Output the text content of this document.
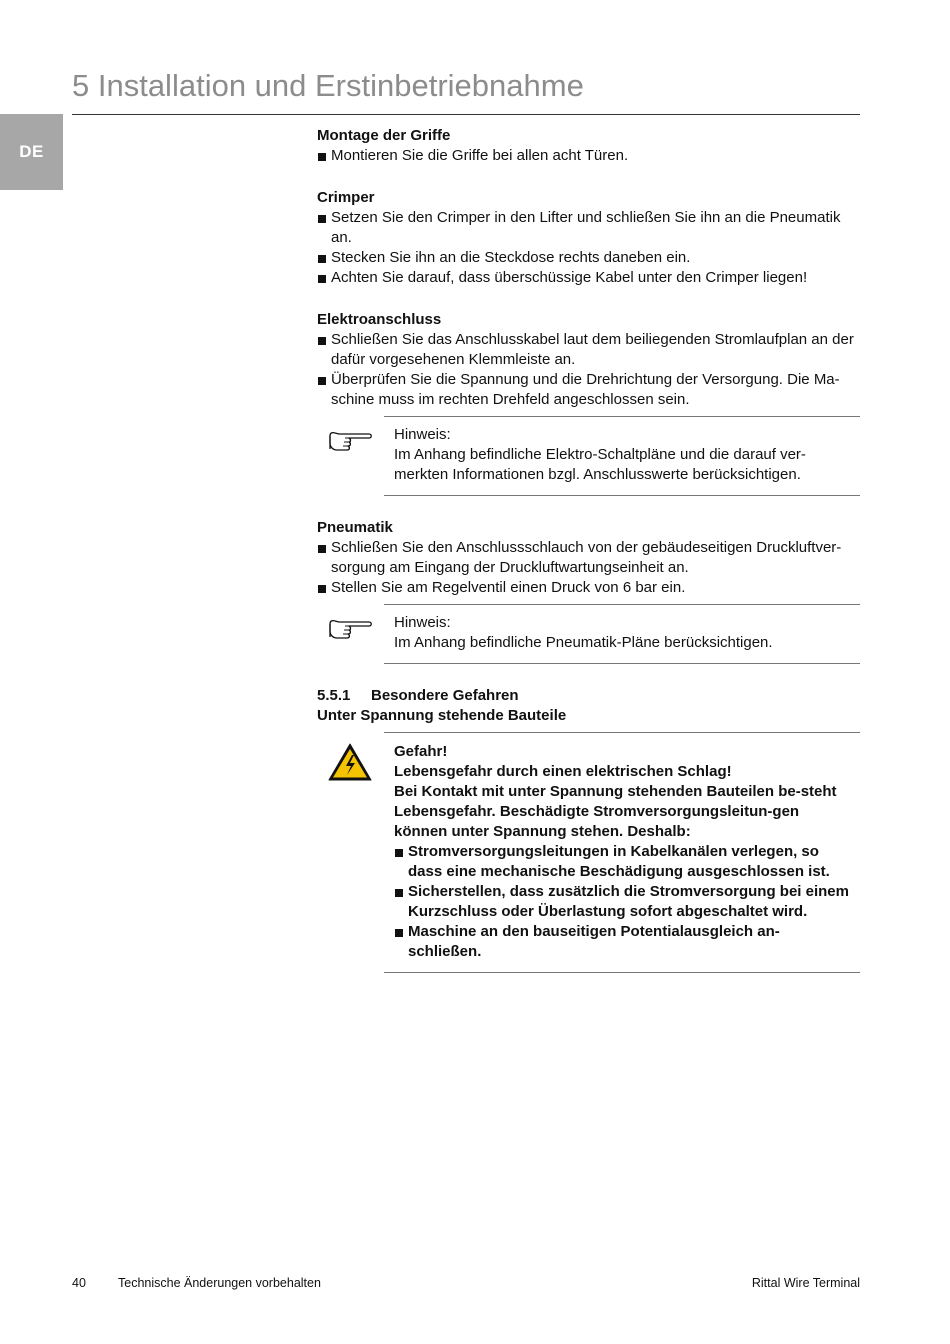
5 Installation und Erstinbetriebnahme
DE
Montage der Griffe
Montieren Sie die Griffe bei allen acht Türen.
Crimper
Setzen Sie den Crimper in den Lifter und schließen Sie ihn an die Pneumatik an.
Stecken Sie ihn an die Steckdose rechts daneben ein.
Achten Sie darauf, dass überschüssige Kabel unter den Crimper liegen!
Elektroanschluss
Schließen Sie das Anschlusskabel laut dem beiliegenden Stromlaufplan an der dafür vorgesehenen Klemmleiste an.
Überprüfen Sie die Spannung und die Drehrichtung der Versorgung. Die Ma-schine muss im rechten Drehfeld angeschlossen sein.
Hinweis:
Im Anhang befindliche Elektro-Schaltpläne und die darauf ver-merkten Informationen bzgl. Anschlusswerte berücksichtigen.
Pneumatik
Schließen Sie den Anschlussschlauch von der gebäudeseitigen Druckluftver-sorgung am Eingang der Druckluftwartungseinheit an.
Stellen Sie am Regelventil einen Druck von 6 bar ein.
Hinweis:
Im Anhang befindliche Pneumatik-Pläne berücksichtigen.
5.5.1 Besondere Gefahren
Unter Spannung stehende Bauteile
Gefahr!
Lebensgefahr durch einen elektrischen Schlag!
Bei Kontakt mit unter Spannung stehenden Bauteilen be-steht Lebensgefahr. Beschädigte Stromversorgungsleitun-gen können unter Spannung stehen. Deshalb:
Stromversorgungsleitungen in Kabelkanälen verlegen, so dass eine mechanische Beschädigung ausgeschlossen ist.
Sicherstellen, dass zusätzlich die Stromversorgung bei einem Kurzschluss oder Überlastung sofort abgeschaltet wird.
Maschine an den bauseitigen Potentialausgleich an-schließen.
40	Technische Änderungen vorbehalten	Rittal Wire Terminal
